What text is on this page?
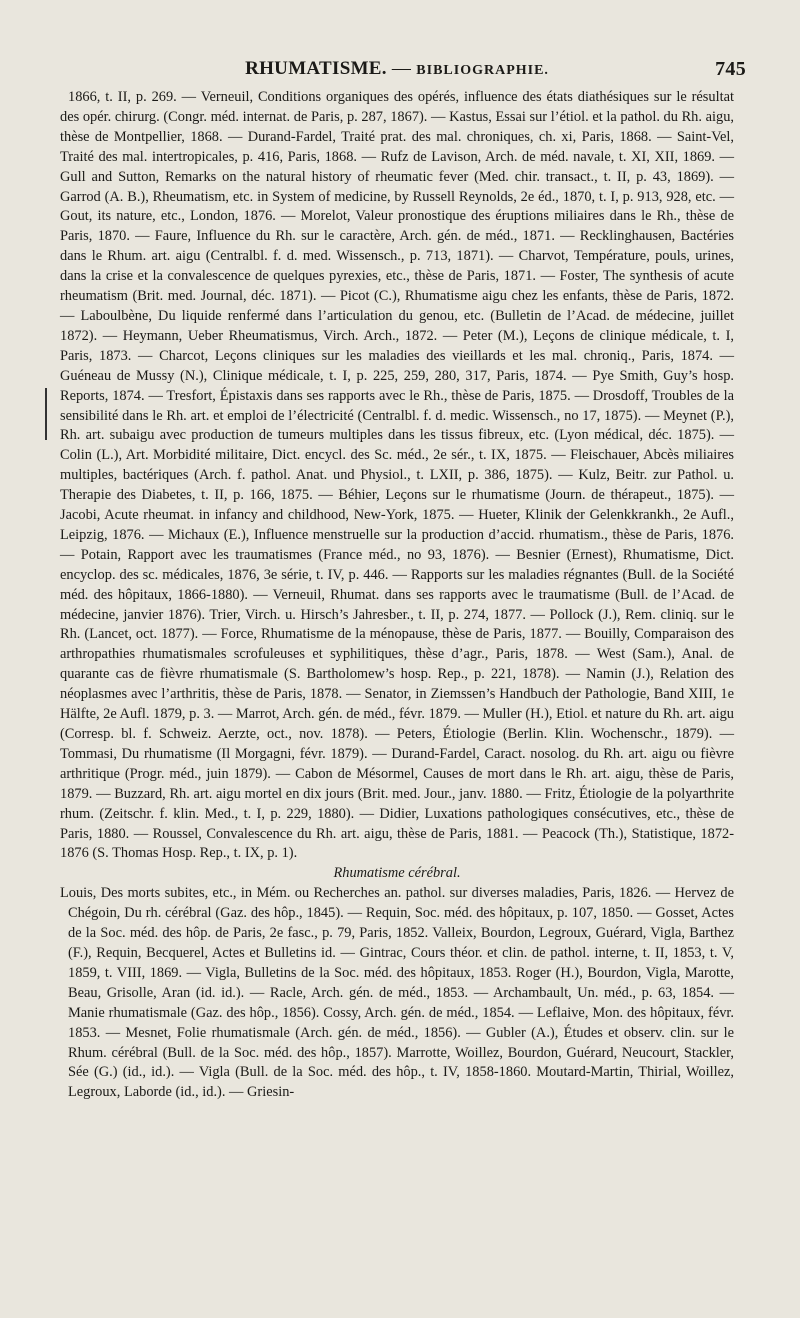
RHUMATISME. — BIBLIOGRAPHIE.	745

1866, t. II, p. 269. — Verneuil, Conditions organiques des opérés, influence des états diathésiques sur le résultat des opér. chirurg. (Congr. méd. internat. de Paris, p. 287, 1867). — Kastus, Essai sur l’étiol. et la pathol. du Rh. aigu, thèse de Montpellier, 1868. — Durand-Fardel, Traité prat. des mal. chroniques, ch. xi, Paris, 1868. — Saint-Vel, Traité des mal. intertropicales, p. 416, Paris, 1868. — Rufz de Lavison, Arch. de méd. navale, t. XI, XII, 1869. — Gull and Sutton, Remarks on the natural history of rheumatic fever (Med. chir. transact., t. II, p. 43, 1869). — Garrod (A. B.), Rheumatism, etc. in System of medicine, by Russell Reynolds, 2e éd., 1870, t. I, p. 913, 928, etc. — Gout, its nature, etc., London, 1876. — Morelot, Valeur pronostique des éruptions miliaires dans le Rh., thèse de Paris, 1870. — Faure, Influence du Rh. sur le caractère, Arch. gén. de méd., 1871. — Recklinghausen, Bactéries dans le Rhum. art. aigu (Centralbl. f. d. med. Wissensch., p. 713, 1871). — Charvot, Température, pouls, urines, dans la crise et la convalescence de quelques pyrexies, etc., thèse de Paris, 1871. — Foster, The synthesis of acute rheumatism (Brit. med. Journal, déc. 1871). — Picot (C.), Rhumatisme aigu chez les enfants, thèse de Paris, 1872. — Laboulbène, Du liquide renfermé dans l’articulation du genou, etc. (Bulletin de l’Acad. de médecine, juillet 1872). — Heymann, Ueber Rheumatismus, Virch. Arch., 1872. — Peter (M.), Leçons de clinique médicale, t. I, Paris, 1873. — Charcot, Leçons cliniques sur les maladies des vieillards et les mal. chroniq., Paris, 1874. — Guéneau de Mussy (N.), Clinique médicale, t. I, p. 225, 259, 280, 317, Paris, 1874. — Pye Smith, Guy’s hosp. Reports, 1874. — Tresfort, Épistaxis dans ses rapports avec le Rh., thèse de Paris, 1875. — Drosdoff, Troubles de la sensibilité dans le Rh. art. et emploi de l’électricité (Centralbl. f. d. medic. Wissensch., no 17, 1875). — Meynet (P.), Rh. art. subaigu avec production de tumeurs multiples dans les tissus fibreux, etc. (Lyon médical, déc. 1875). — Colin (L.), Art. Morbidité militaire, Dict. encycl. des Sc. méd., 2e sér., t. IX, 1875. — Fleischauer, Abcès miliaires multiples, bactériques (Arch. f. pathol. Anat. und Physiol., t. LXII, p. 386, 1875). — Kulz, Beitr. zur Pathol. u. Therapie des Diabetes, t. II, p. 166, 1875. — Béhier, Leçons sur le rhumatisme (Journ. de thérapeut., 1875). — Jacobi, Acute rheumat. in infancy and childhood, New-York, 1875. — Hueter, Klinik der Gelenkkrankh., 2e Aufl., Leipzig, 1876. — Michaux (E.), Influence menstruelle sur la production d’accid. rhumatism., thèse de Paris, 1876. — Potain, Rapport avec les traumatismes (France méd., no 93, 1876). — Besnier (Ernest), Rhumatisme, Dict. encyclop. des sc. médicales, 1876, 3e série, t. IV, p. 446. — Rapports sur les maladies régnantes (Bull. de la Société méd. des hôpitaux, 1866-1880). — Verneuil, Rhumat. dans ses rapports avec le traumatisme (Bull. de l’Acad. de médecine, janvier 1876). Trier, Virch. u. Hirsch’s Jahresber., t. II, p. 274, 1877. — Pollock (J.), Rem. cliniq. sur le Rh. (Lancet, oct. 1877). — Force, Rhumatisme de la ménopause, thèse de Paris, 1877. — Bouilly, Comparaison des arthropathies rhumatismales scrofuleuses et syphilitiques, thèse d’agr., Paris, 1878. — West (Sam.), Anal. de quarante cas de fièvre rhumatismale (S. Bartholomew’s hosp. Rep., p. 221, 1878). — Namin (J.), Relation des néoplasmes avec l’arthritis, thèse de Paris, 1878. — Senator, in Ziemssen’s Handbuch der Pathologie, Band XIII, 1e Hälfte, 2e Aufl. 1879, p. 3. — Marrot, Arch. gén. de méd., févr. 1879. — Muller (H.), Etiol. et nature du Rh. art. aigu (Corresp. bl. f. Schweiz. Aerzte, oct., nov. 1878). — Peters, Étiologie (Berlin. Klin. Wochenschr., 1879). — Tommasi, Du rhumatisme (Il Morgagni, févr. 1879). — Durand-Fardel, Caract. nosolog. du Rh. art. aigu ou fièvre arthritique (Progr. méd., juin 1879). — Cabon de Mésormel, Causes de mort dans le Rh. art. aigu, thèse de Paris, 1879. — Buzzard, Rh. art. aigu mortel en dix jours (Brit. med. Jour., janv. 1880. — Fritz, Étiologie de la polyarthrite rhum. (Zeitschr. f. klin. Med., t. I, p. 229, 1880). — Didier, Luxations pathologiques consécutives, etc., thèse de Paris, 1880. — Roussel, Convalescence du Rh. art. aigu, thèse de Paris, 1881. — Peacock (Th.), Statistique, 1872-1876 (S. Thomas Hosp. Rep., t. IX, p. 1).

Rhumatisme cérébral.

Louis, Des morts subites, etc., in Mém. ou Recherches an. pathol. sur diverses maladies, Paris, 1826. — Hervez de Chégoin, Du rh. cérébral (Gaz. des hôp., 1845). — Requin, Soc. méd. des hôpitaux, p. 107, 1850. — Gosset, Actes de la Soc. méd. des hôp. de Paris, 2e fasc., p. 79, Paris, 1852. Valleix, Bourdon, Legroux, Guérard, Vigla, Barthez (F.), Requin, Becquerel, Actes et Bulletins id. — Gintrac, Cours théor. et clin. de pathol. interne, t. II, 1853, t. V, 1859, t. VIII, 1869. — Vigla, Bulletins de la Soc. méd. des hôpitaux, 1853. Roger (H.), Bourdon, Vigla, Marotte, Beau, Grisolle, Aran (id. id.). — Racle, Arch. gén. de méd., 1853. — Archambault, Un. méd., p. 63, 1854. — Manie rhumatismale (Gaz. des hôp., 1856). Cossy, Arch. gén. de méd., 1854. — Leflaive, Mon. des hôpitaux, févr. 1853. — Mesnet, Folie rhumatismale (Arch. gén. de méd., 1856). — Gubler (A.), Études et observ. clin. sur le Rhum. cérébral (Bull. de la Soc. méd. des hôp., 1857). Marrotte, Woillez, Bourdon, Guérard, Neucourt, Stackler, Sée (G.) (id., id.). — Vigla (Bull. de la Soc. méd. des hôp., t. IV, 1858-1860. Moutard-Martin, Thirial, Woillez, Legroux, Laborde (id., id.). — Griesin-
